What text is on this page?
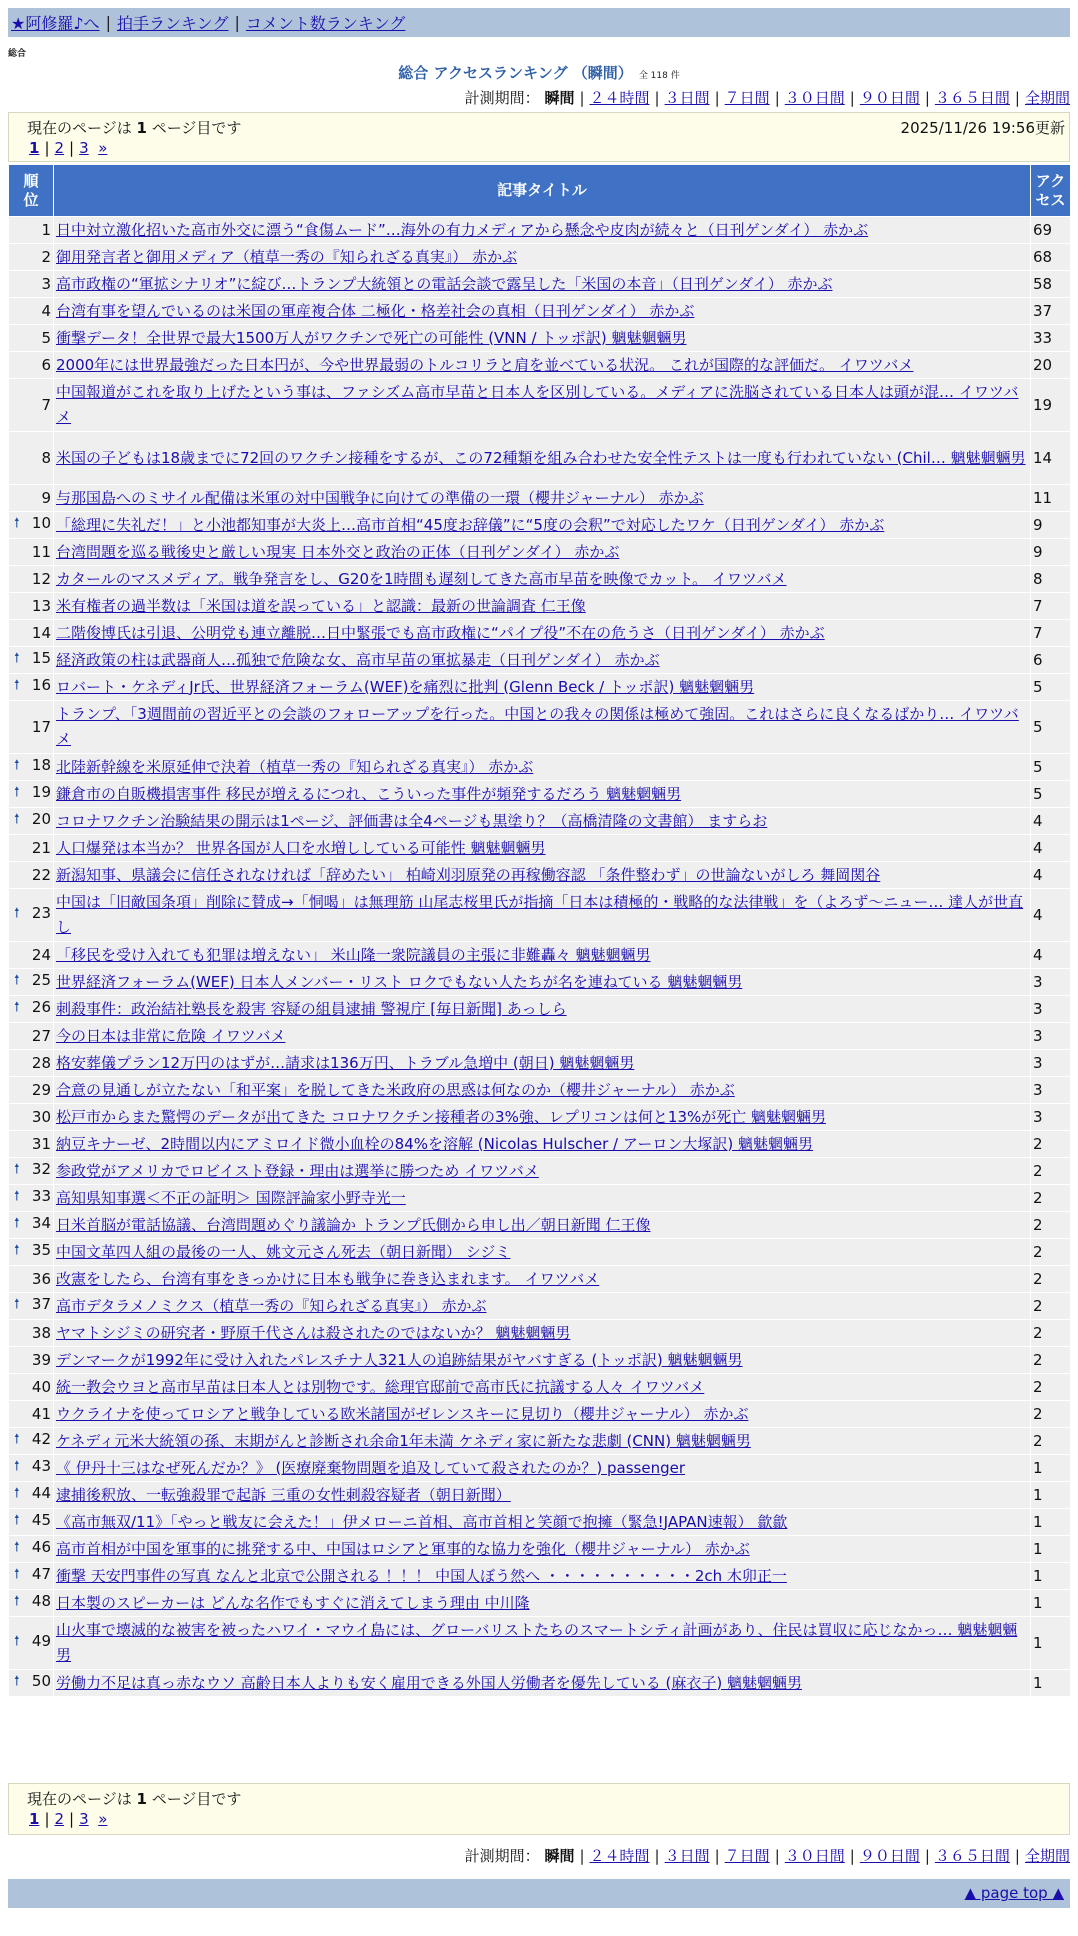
★阿修羅♪へ | 拍手ランキング | コメント数ランキング
総合
総合 アクセスランキング （瞬間） 全 118 件
計測期間： 瞬間 | ２４時間 | ３日間 | ７日間 | ３０日間 | ９０日間 | ３６５日間 | 全期間
現在のページは 1 ページ目です	2025/11/26 19:56更新
1 | 2 | 3 »
順
位	記事タイトル	アク
セス
1	日中対立激化招いた高市外交に漂う“食傷ムード”…海外の有力メディアから懸念や皮肉が続々と（日刊ゲンダイ） 赤かぶ	69
2	御用発言者と御用メディア（植草一秀の『知られざる真実』） 赤かぶ	68
3	高市政権の“軍拡シナリオ”に綻び…トランプ大統領との電話会談で露呈した「米国の本音」（日刊ゲンダイ） 赤かぶ	58
4	台湾有事を望んでいるのは米国の軍産複合体 二極化・格差社会の真相（日刊ゲンダイ） 赤かぶ	37
5	衝撃データ！全世界で最大1500万人がワクチンで死亡の可能性 (VNN / トッポ訳) 魑魅魍魎男	33
6	2000年には世界最強だった日本円が、今や世界最弱のトルコリラと肩を並べている状況。 これが国際的な評価だ。 イワツバメ	20
7	中国報道がこれを取り上げたという事は、ファシズム高市早苗と日本人を区別している。メディアに洗脳されている日本人は頭が混… イワツバメ	19
8	米国の子どもは18歳までに72回のワクチン接種をするが、この72種類を組み合わせた安全性テストは一度も行われていない (Chil… 魑魅魍魎男	14
9	与那国島へのミサイル配備は米軍の対中国戦争に向けての準備の一環（櫻井ジャーナル） 赤かぶ	11

🠕 10	「総理に失礼だ！」と小池都知事が大炎上…高市首相“45度お辞儀”に“5度の会釈”で対応したワケ（日刊ゲンダイ） 赤かぶ	9
11	台湾問題を巡る戦後史と厳しい現実 日本外交と政治の正体（日刊ゲンダイ） 赤かぶ	9
12	カタールのマスメディア。戦争発言をし、G20を1時間も遅刻してきた高市早苗を映像でカット。 イワツバメ	8
13	米有権者の過半数は「米国は道を誤っている」と認識：最新の世論調査 仁王像	7
14	二階俊博氏は引退、公明党も連立離脱…日中緊張でも高市政権に“パイプ役”不在の危うさ（日刊ゲンダイ） 赤かぶ	7

🠕 15	経済政策の柱は武器商人…孤独で危険な女、高市早苗の軍拡暴走（日刊ゲンダイ） 赤かぶ	6

🠕 16	ロバート・ケネディJr氏、世界経済フォーラム(WEF)を痛烈に批判 (Glenn Beck / トッポ訳) 魑魅魍魎男	5
17	トランプ、「3週間前の習近平との会談のフォローアップを行った。中国との我々の関係は極めて強固。これはさらに良くなるばかり… イワツバメ	5

🠕 18	北陸新幹線を米原延伸で決着（植草一秀の『知られざる真実』） 赤かぶ	5

🠕 19	鎌倉市の自販機損害事件 移民が増えるにつれ、こういった事件が頻発するだろう 魑魅魍魎男	5

🠕 20	コロナワクチン治験結果の開示は1ページ、評価書は全4ページも黒塗り？（高橋清隆の文書館） ますらお	4
21	人口爆発は本当か？ 世界各国が人口を水増ししている可能性 魑魅魍魎男	4
22	新潟知事、県議会に信任されなければ「辞めたい」 柏崎刈羽原発の再稼働容認 「条件整わず」の世論ないがしろ 舞岡関谷	4

🠕 23	中国は「旧敵国条項」削除に賛成→「恫喝」は無理筋 山尾志桜里氏が指摘「日本は積極的・戦略的な法律戦」を（よろず～ニュー… 達人が世直し	4
24	「移民を受け入れても犯罪は増えない」 米山隆一衆院議員の主張に非難轟々 魑魅魍魎男	4

🠕 25	世界経済フォーラム(WEF) 日本人メンバー・リスト ロクでもない人たちが名を連ねている 魑魅魍魎男	3

🠕 26	刺殺事件：政治結社塾長を殺害 容疑の組員逮捕 警視庁 [毎日新聞] あっしら	3
27	今の日本は非常に危険 イワツバメ	3
28	格安葬儀プラン12万円のはずが…請求は136万円、トラブル急増中 (朝日) 魑魅魍魎男	3
29	合意の見通しが立たない「和平案」を脱してきた米政府の思惑は何なのか（櫻井ジャーナル） 赤かぶ	3
30	松戸市からまた驚愕のデータが出てきた コロナワクチン接種者の3%強、レプリコンは何と13%が死亡 魑魅魍魎男	3
31	納豆キナーゼ、2時間以内にアミロイド微小血栓の84%を溶解 (Nicolas Hulscher / アーロン大塚訳) 魑魅魍魎男	2

🠕 32	参政党がアメリカでロビイスト登録・理由は選挙に勝つため イワツバメ	2

🠕 33	高知県知事選＜不正の証明＞ 国際評論家小野寺光一	2

🠕 34	日米首脳が電話協議、台湾問題めぐり議論か トランプ氏側から申し出／朝日新聞 仁王像	2

🠕 35	中国文革四人組の最後の一人、姚文元さん死去（朝日新聞） シジミ	2
36	改憲をしたら、台湾有事をきっかけに日本も戦争に巻き込まれます。 イワツバメ	2

🠕 37	高市デタラメノミクス（植草一秀の『知られざる真実』） 赤かぶ	2
38	ヤマトシジミの研究者・野原千代さんは殺されたのではないか？ 魑魅魍魎男	2
39	デンマークが1992年に受け入れたパレスチナ人321人の追跡結果がヤバすぎる (トッポ訳) 魑魅魍魎男	2
40	統一教会ウヨと高市早苗は日本人とは別物です。総理官邸前で高市氏に抗議する人々 イワツバメ	2
41	ウクライナを使ってロシアと戦争している欧米諸国がゼレンスキーに見切り（櫻井ジャーナル） 赤かぶ	2

🠕 42	ケネディ元米大統領の孫、末期がんと診断され余命1年未満 ケネディ家に新たな悲劇 (CNN) 魑魅魍魎男	2

🠕 43	《 伊丹十三はなぜ死んだか？》 (医療廃棄物問題を追及していて殺されたのか？) passenger	1

🠕 44	逮捕後釈放、一転強殺罪で起訴 三重の女性刺殺容疑者（朝日新聞）	1

🠕 45	《高市無双/11》「やっと戦友に会えた！」伊メローニ首相、高市首相と笑顔で抱擁（緊急!JAPAN速報） 歙歙	1

🠕 46	高市首相が中国を軍事的に挑発する中、中国はロシアと軍事的な協力を強化（櫻井ジャーナル） 赤かぶ	1

🠕 47	衝撃 天安門事件の写真 なんと北京で公開される ！！！ 中国人ぼう然へ ・・・・・・・・・・2ch 木卯正一	1

🠕 48	日本製のスピーカーは どんな名作でもすぐに消えてしまう理由 中川隆	1

🠕 49	山火事で壊滅的な被害を被ったハワイ・マウイ島には、グローバリストたちのスマートシティ計画があり、住民は買収に応じなかっ… 魑魅魍魎男	1

🠕 50	労働力不足は真っ赤なウソ 高齢日本人よりも安く雇用できる外国人労働者を優先している (麻衣子) 魑魅魍魎男	1
現在のページは 1 ページ目です
1 | 2 | 3 »
計測期間： 瞬間 | ２４時間 | ３日間 | ７日間 | ３０日間 | ９０日間 | ３６５日間 | 全期間
▲ page top ▲
